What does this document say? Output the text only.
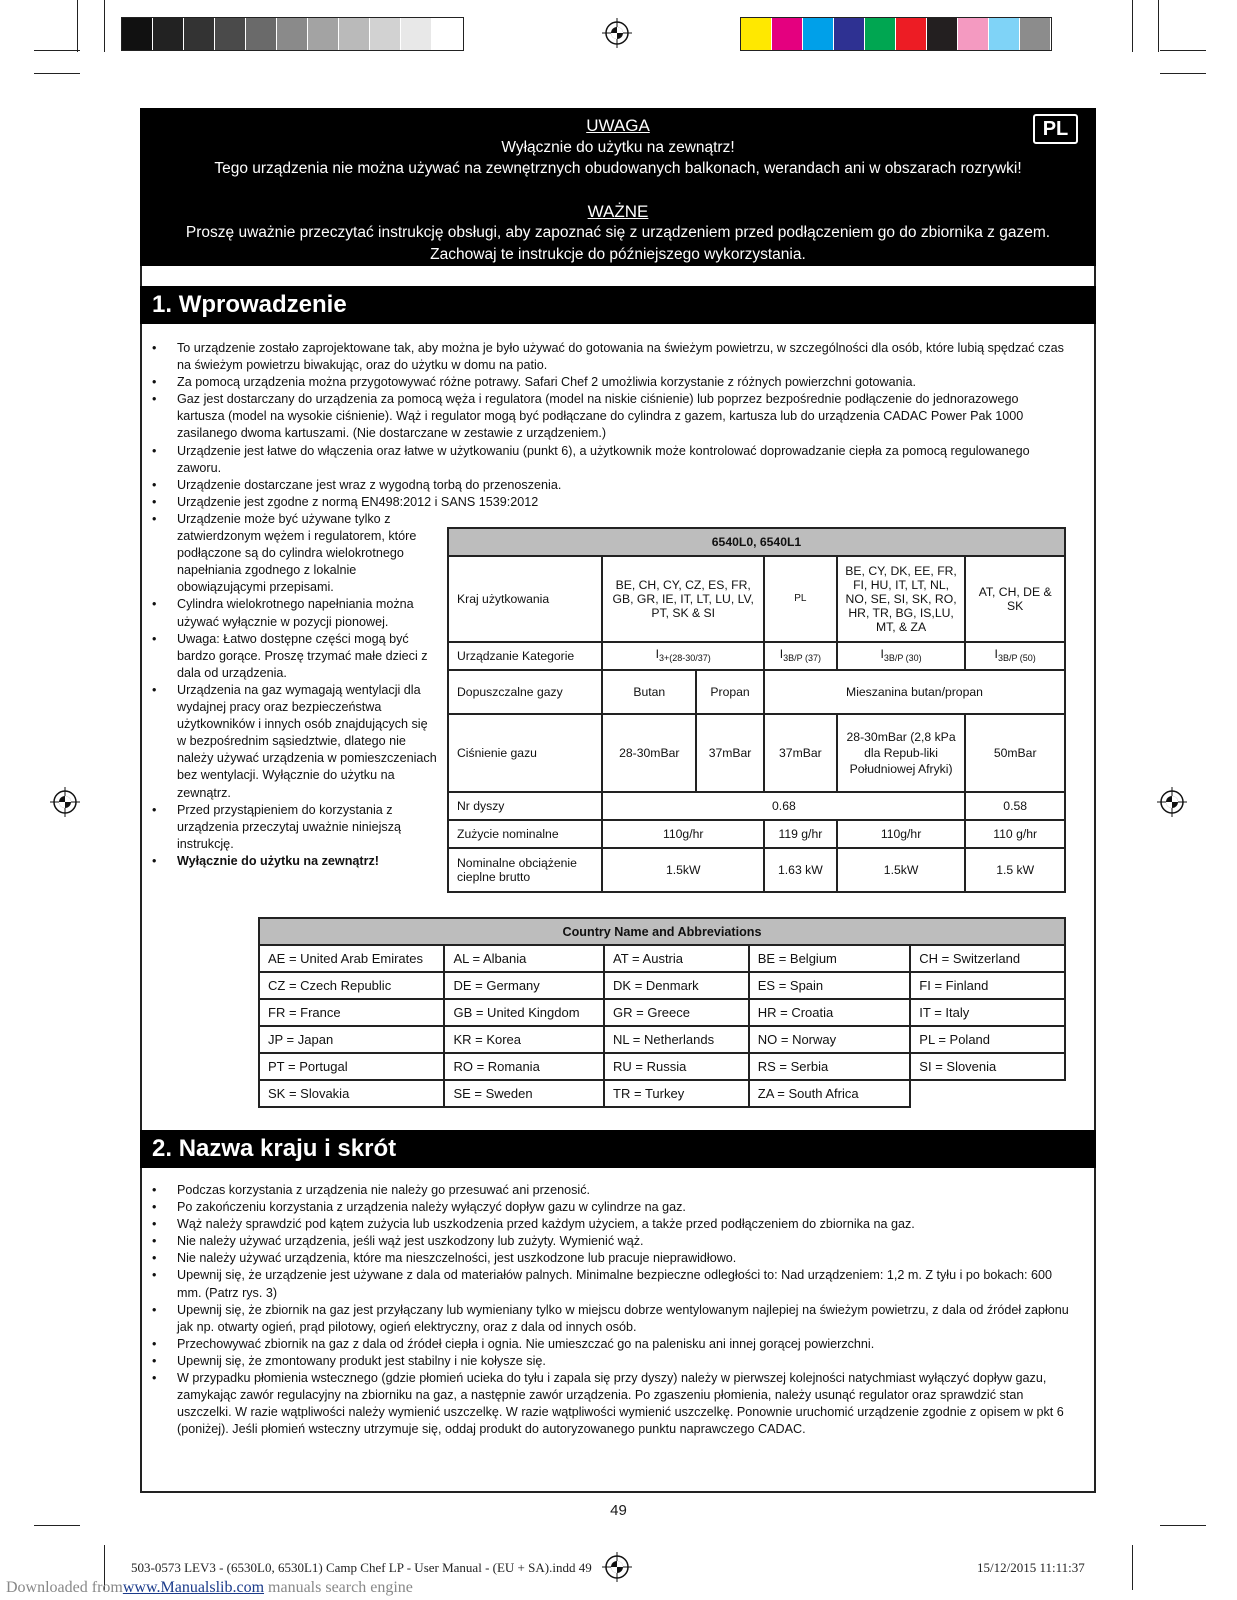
UWAGA
Wyłącznie do użytku na zewnątrz!
Tego urządzenia nie można używać na zewnętrznych obudowanych balkonach, werandach ani w obszarach rozrywki!
WAŻNE
Proszę uważnie przeczytać instrukcję obsługi, aby zapoznać się z urządzeniem przed podłączeniem go do zbiornika z gazem.
Zachowaj te instrukcje do późniejszego wykorzystania.
PL
1. Wprowadzenie
• To urządzenie zostało zaprojektowane tak, aby można je było używać do gotowania na świeżym powietrzu, w szczególności dla osób, które lubią spędzać czas na świeżym powietrzu biwakując, oraz do użytku w domu na patio.
• Za pomocą urządzenia można przygotowywać różne potrawy. Safari Chef 2 umożliwia korzystanie z różnych powierzchni gotowania.
• Gaz jest dostarczany do urządzenia za pomocą węża i regulatora (model na niskie ciśnienie) lub poprzez bezpośrednie podłączenie do jednorazowego kartusza (model na wysokie ciśnienie). Wąż i regulator mogą być podłączane do cylindra z gazem, kartusza lub do urządzenia CADAC Power Pak 1000 zasilanego dwoma kartuszami. (Nie dostarczane w zestawie z urządzeniem.)
• Urządzenie jest łatwe do włączenia oraz łatwe w użytkowaniu (punkt 6), a użytkownik może kontrolować doprowadzanie ciepła za pomocą regulowanego zaworu.
• Urządzenie dostarczane jest wraz z wygodną torbą do przenoszenia.
• Urządzenie jest zgodne z normą EN498:2012 i SANS 1539:2012
• Urządzenie może być używane tylko z zatwierdzonym wężem i regulatorem, które podłączone są do cylindra wielokrotnego napełniania zgodnego z lokalnie obowiązującymi przepisami.
• Cylindra wielokrotnego napełniania można używać wyłącznie w pozycji pionowej.
• Uwaga: Łatwo dostępne części mogą być bardzo gorące. Proszę trzymać małe dzieci z dala od urządzenia.
• Urządzenia na gaz wymagają wentylacji dla wydajnej pracy oraz bezpieczeństwa użytkowników i innych osób znajdujących się w bezpośrednim sąsiedztwie, dlatego nie należy używać urządzenia w pomieszczeniach bez wentylacji. Wyłącznie do użytku na zewnątrz.
• Przed przystąpieniem do korzystania z urządzenia przeczytaj uważnie niniejszą instrukcję.
• Wyłącznie do użytku na zewnątrz!
6540L0, 6540L1					
Kraj użytkowania	BE, CH, CY, CZ, ES, FR, GB, GR, IE, IT, LT, LU, LV, PT, SK & SI		PL	BE, CY, DK, EE, FR, FI, HU, IT, LT, NL, NO, SE, SI, SK, RO, HR, TR, BG, IS,LU, MT, & ZA	AT, CH, DE & SK
Urządzanie Kategorie	$I_{3+(28-30/37)}$		$I_{3B/P (37)}$	$I_{3B/P (30)}$	$I_{3B/P (50)}$
Dopuszczalne gazy	Butan	Propan	Mieszanina butan/propan		
Ciśnienie gazu	28-30mBar	37mBar	37mBar	28-30mBar (2,8 kPa dla Repub-liki Południowej Afryki)	50mBar
Nr dyszy	0.68				0.58
Zużycie nominalne	110g/hr		119 g/hr	110g/hr	110 g/hr
Nominalne obciążenie cieplne brutto	1.5kW		1.63 kW	1.5kW	1.5 kW
Country Name and Abbreviations				
AE = United Arab Emirates	AL = Albania	AT = Austria	BE = Belgium	CH = Switzerland
CZ = Czech Republic	DE = Germany	DK = Denmark	ES = Spain	FI = Finland
FR = France	GB = United Kingdom	GR = Greece	HR = Croatia	IT = Italy
JP = Japan	KR = Korea	NL = Netherlands	NO = Norway	PL = Poland
PT = Portugal	RO = Romania	RU = Russia	RS = Serbia	SI = Slovenia
SK = Slovakia	SE = Sweden	TR = Turkey	ZA = South Africa	
2. Nazwa kraju i skrót
• Podczas korzystania z urządzenia nie należy go przesuwać ani przenosić.
• Po zakończeniu korzystania z urządzenia należy wyłączyć dopływ gazu w cylindrze na gaz.
• Wąż należy sprawdzić pod kątem zużycia lub uszkodzenia przed każdym użyciem, a także przed podłączeniem do zbiornika na gaz.
• Nie należy używać urządzenia, jeśli wąż jest uszkodzony lub zużyty. Wymienić wąż.
• Nie należy używać urządzenia, które ma nieszczelności, jest uszkodzone lub pracuje nieprawidłowo.
• Upewnij się, że urządzenie jest używane z dala od materiałów palnych. Minimalne bezpieczne odległości to: Nad urządzeniem: 1,2 m. Z tyłu i po bokach: 600 mm. (Patrz rys. 3)
• Upewnij się, że zbiornik na gaz jest przyłączany lub wymieniany tylko w miejscu dobrze wentylowanym najlepiej na świeżym powietrzu, z dala od źródeł zapłonu jak np. otwarty ogień, prąd pilotowy, ogień elektryczny, oraz z dala od innych osób.
• Przechowywać zbiornik na gaz z dala od źródeł ciepła i ognia. Nie umieszczać go na palenisku ani innej gorącej powierzchni.
• Upewnij się, że zmontowany produkt jest stabilny i nie kołysze się.
• W przypadku płomienia wstecznego (gdzie płomień ucieka do tyłu i zapala się przy dyszy) należy w pierwszej kolejności natychmiast wyłączyć dopływ gazu, zamykając zawór regulacyjny na zbiorniku na gaz, a następnie zawór urządzenia. Po zgaszeniu płomienia, należy usunąć regulator oraz sprawdzić stan uszczelki. W razie wątpliwości należy wymienić uszczelkę. W razie wątpliwości wymienić uszczelkę. Ponownie uruchomić urządzenie zgodnie z opisem w pkt 6 (poniżej). Jeśli płomień wsteczny utrzymuje się, oddaj produkt do autoryzowanego punktu naprawczego CADAC.
49
503-0573 LEV3 - (6530L0, 6530L1) Camp Chef LP - User Manual - (EU + SA).indd 49	15/12/2015 11:11:37
Downloaded fromwww.Manualslib.com manuals search engine
